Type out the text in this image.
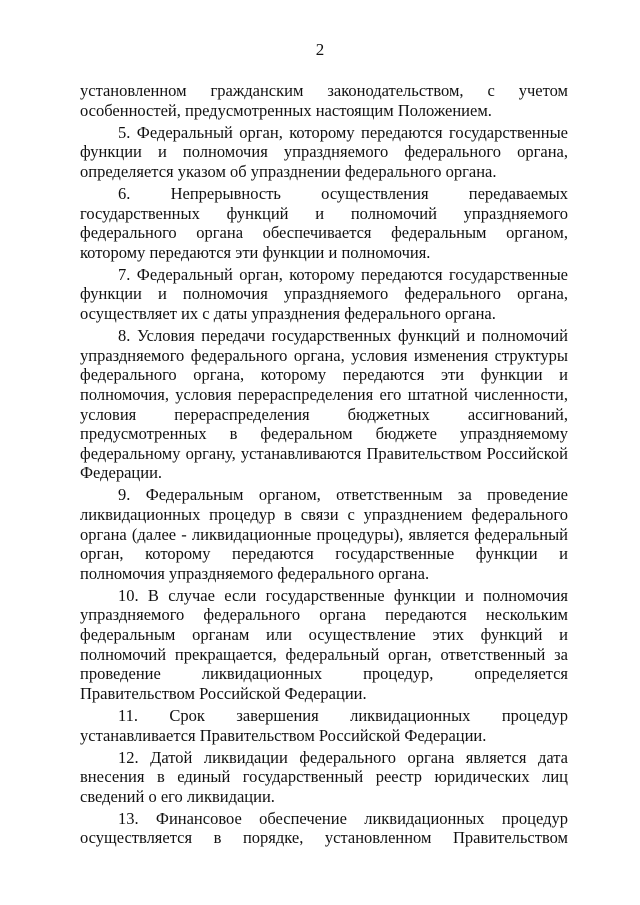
2

установленном гражданским законодательством, с учетом особенностей, предусмотренных настоящим Положением.

5. Федеральный орган, которому передаются государственные функции и полномочия упраздняемого федерального органа, определяется указом об упразднении федерального органа.

6. Непрерывность осуществления передаваемых государственных функций и полномочий упраздняемого федерального органа обеспечивается федеральным органом, которому передаются эти функции и полномочия.

7. Федеральный орган, которому передаются государственные функции и полномочия упраздняемого федерального органа, осуществляет их с даты упразднения федерального органа.

8. Условия передачи государственных функций и полномочий упраздняемого федерального органа, условия изменения структуры федерального органа, которому передаются эти функции и полномочия, условия перераспределения его штатной численности, условия перераспределения бюджетных ассигнований, предусмотренных в федеральном бюджете упраздняемому федеральному органу, устанавливаются Правительством Российской Федерации.

9. Федеральным органом, ответственным за проведение ликвидационных процедур в связи с упразднением федерального органа (далее - ликвидационные процедуры), является федеральный орган, которому передаются государственные функции и полномочия упраздняемого федерального органа.

10. В случае если государственные функции и полномочия упраздняемого федерального органа передаются нескольким федеральным органам или осуществление этих функций и полномочий прекращается, федеральный орган, ответственный за проведение ликвидационных процедур, определяется Правительством Российской Федерации.

11. Срок завершения ликвидационных процедур устанавливается Правительством Российской Федерации.

12. Датой ликвидации федерального органа является дата внесения в единый государственный реестр юридических лиц сведений о его ликвидации.

13. Финансовое обеспечение ликвидационных процедур осуществляется в порядке, установленном Правительством
